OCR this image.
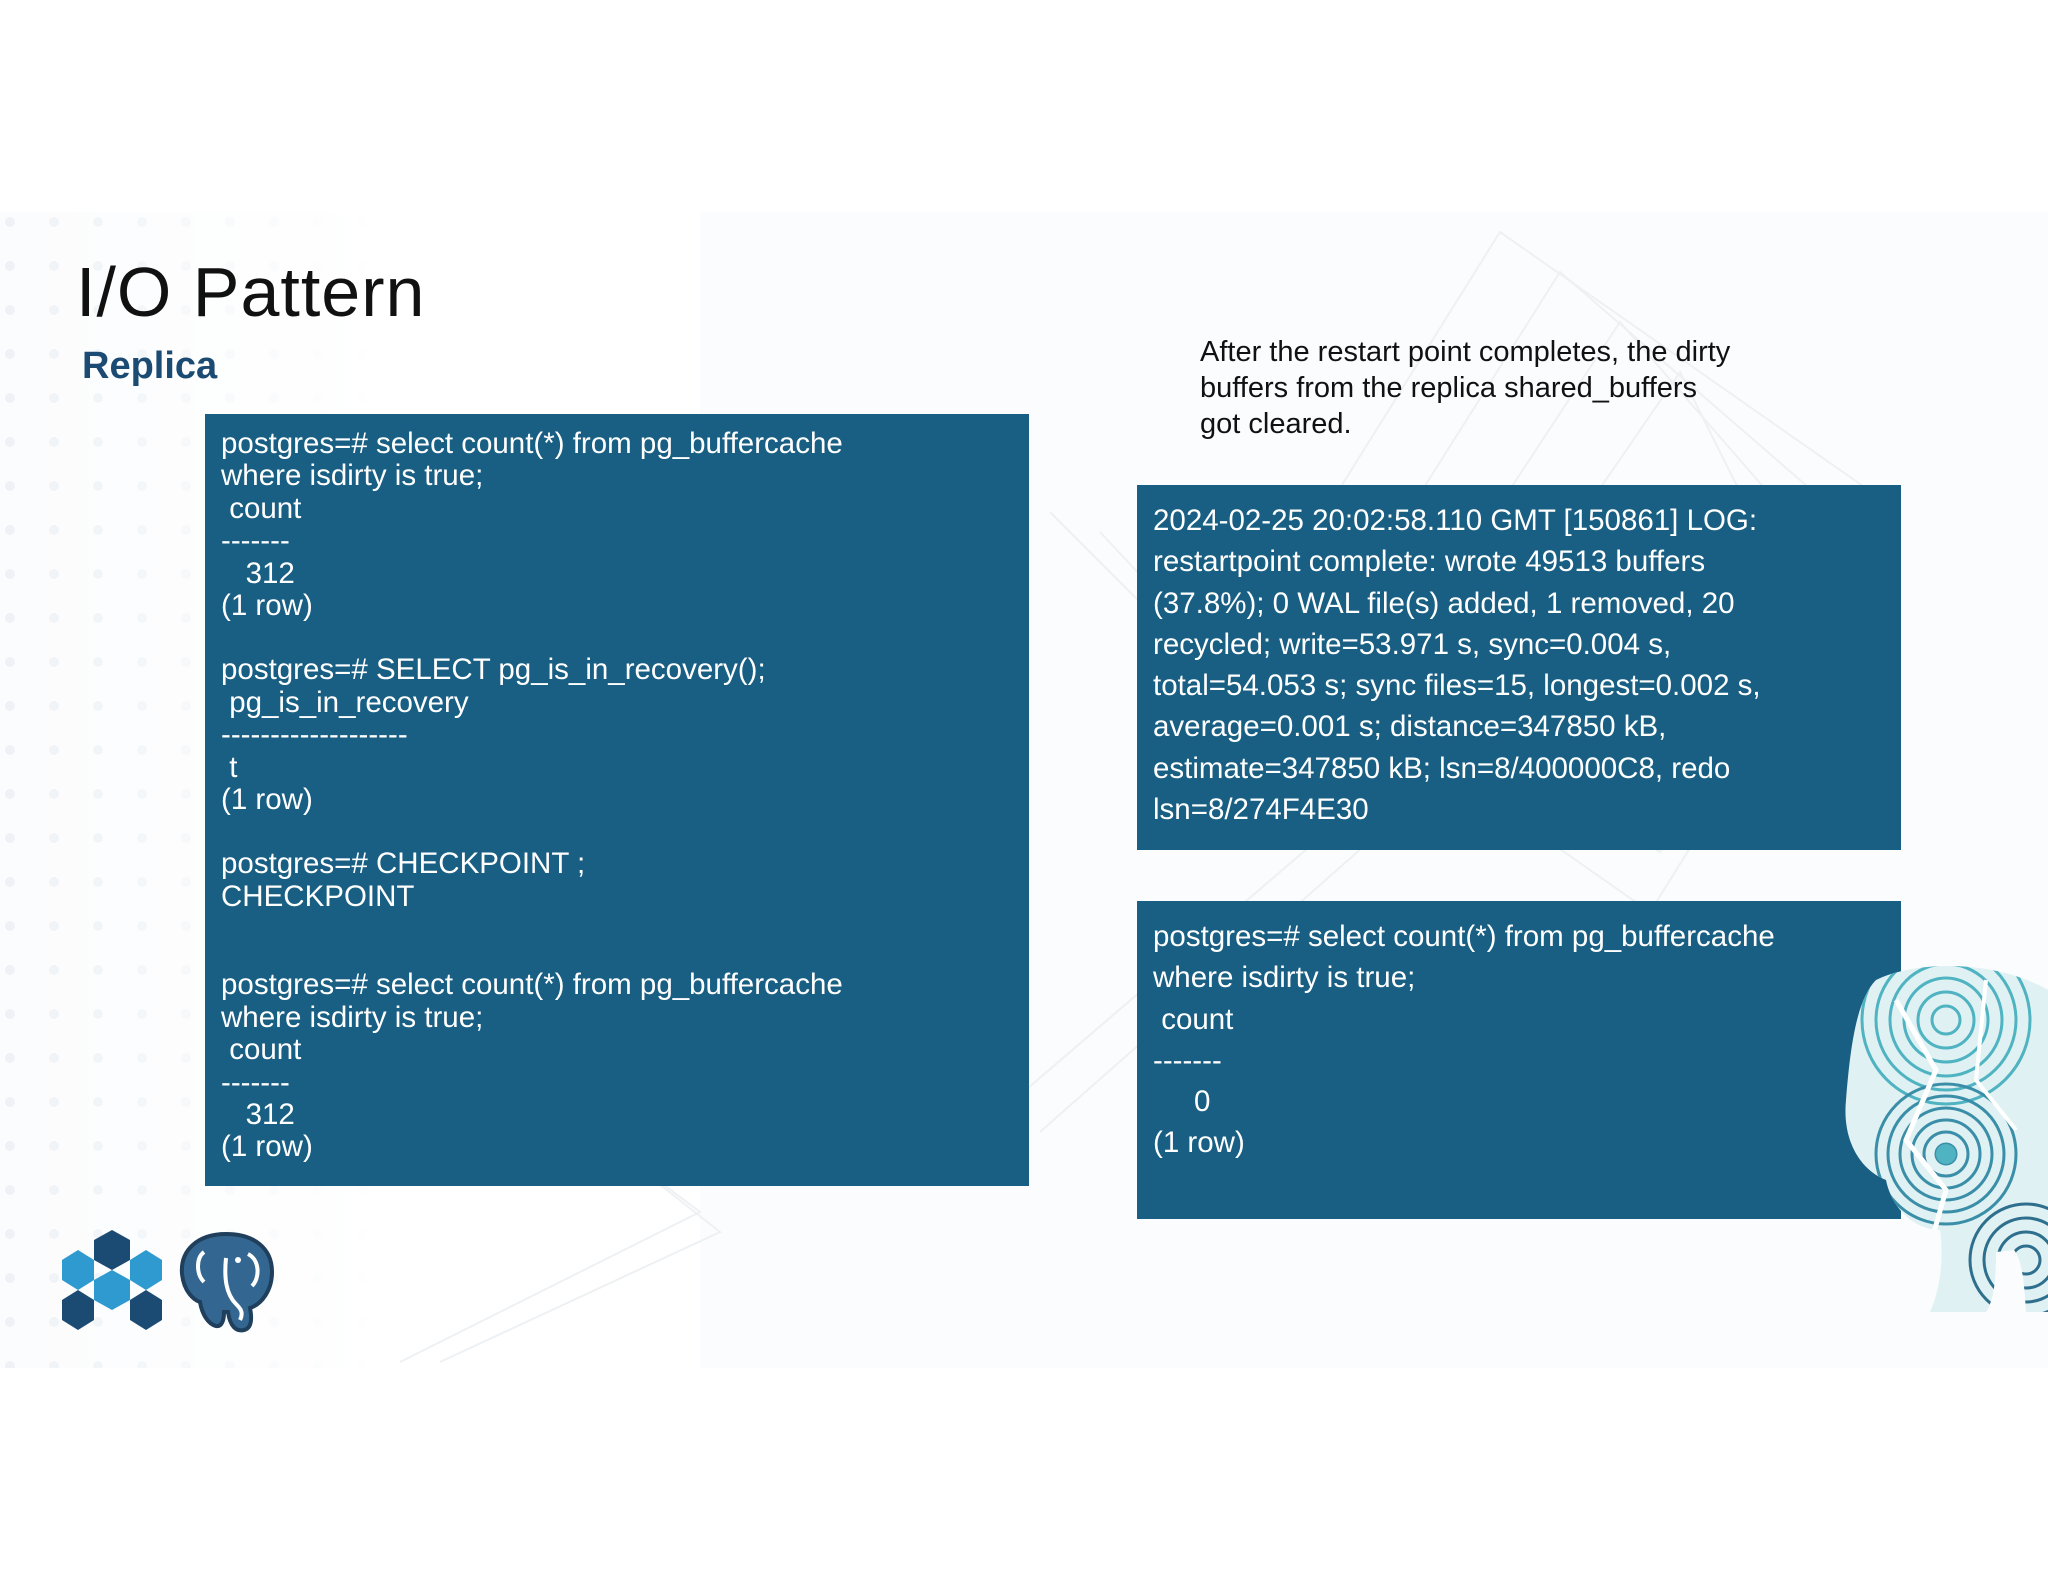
I/O Pattern
Replica	After the restart point completes, the dirty
buffers from the replica shared_buffers
got cleared.
postgres=# select count(*) from pg_buffercache
where isdirty is true;
count
-------
312
(1 row)
postgres=# SELECT pg_is_in_recovery();
pg_is_in_recovery
-------------------
t
(1 row)
postgres=# CHECKPOINT ;
CHECKPOINT
postgres=# select count(*) from pg_buffercache
where isdirty is true;
count
-------
312
(1 row)
2024-02-25 20:02:58.110 GMT [150861] LOG:
restartpoint complete: wrote 49513 buffers
(37.8%); 0 WAL file(s) added, 1 removed, 20
recycled; write=53.971 s, sync=0.004 s,
total=54.053 s; sync files=15, longest=0.002 s,
average=0.001 s; distance=347850 kB,
estimate=347850 kB; lsn=8/400000C8, redo
lsn=8/274F4E30
postgres=# select count(*) from pg_buffercache
where isdirty is true;
count
-------
0
(1 row)
